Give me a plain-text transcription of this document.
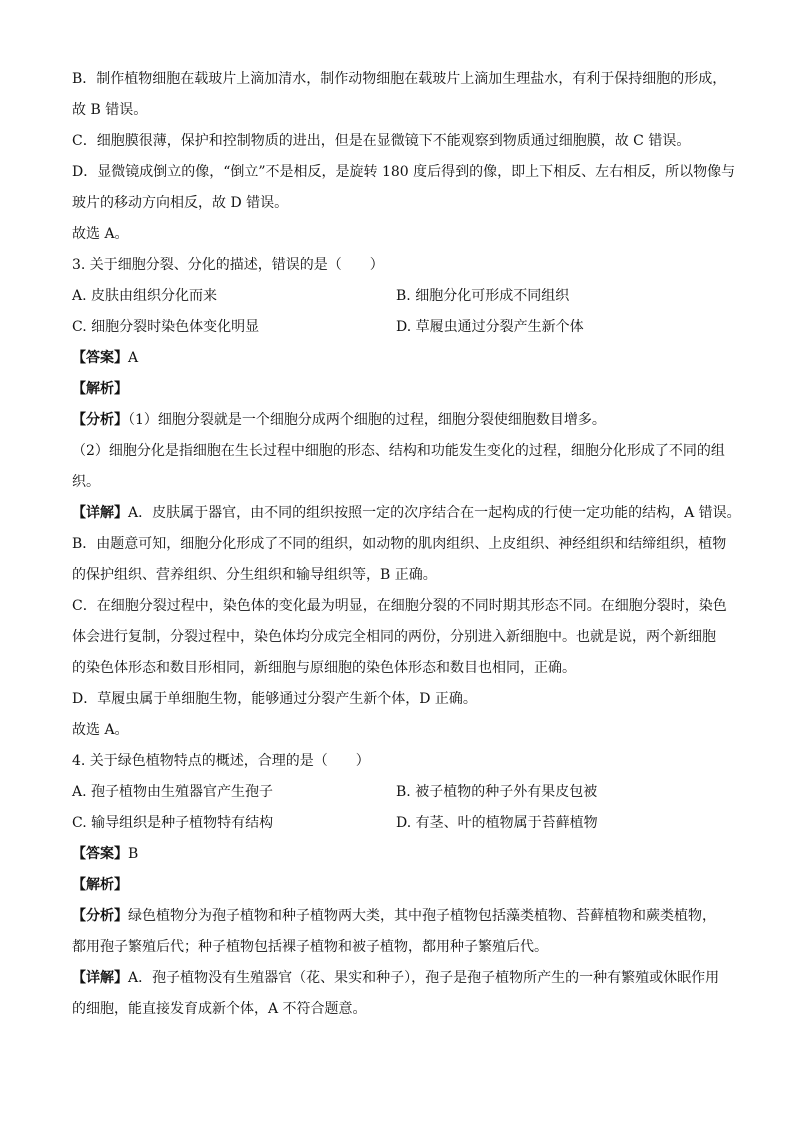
B．制作植物细胞在载玻片上滴加清水，制作动物细胞在载玻片上滴加生理盐水，有利于保持细胞的形成，
故 B 错误。
C．细胞膜很薄，保护和控制物质的进出，但是在显微镜下不能观察到物质通过细胞膜，故 C 错误。
D．显微镜成倒立的像，“倒立”不是相反，是旋转 180 度后得到的像，即上下相反、左右相反，所以物像与
玻片的移动方向相反，故 D 错误。
故选 A。
3. 关于细胞分裂、分化的描述，错误的是（　　）
A. 皮肤由组织分化而来	B. 细胞分化可形成不同组织
C. 细胞分裂时染色体变化明显	D. 草履虫通过分裂产生新个体
【答案】A
【解析】
【分析】（1）细胞分裂就是一个细胞分成两个细胞的过程，细胞分裂使细胞数目增多。
（2）细胞分化是指细胞在生长过程中细胞的形态、结构和功能发生变化的过程，细胞分化形成了不同的组
织。
【详解】A．皮肤属于器官，由不同的组织按照一定的次序结合在一起构成的行使一定功能的结构，A 错误。
B．由题意可知，细胞分化形成了不同的组织，如动物的肌肉组织、上皮组织、神经组织和结缔组织，植物
的保护组织、营养组织、分生组织和输导组织等，B 正确。
C．在细胞分裂过程中，染色体的变化最为明显，在细胞分裂的不同时期其形态不同。在细胞分裂时，染色
体会进行复制，分裂过程中，染色体均分成完全相同的两份，分别进入新细胞中。也就是说，两个新细胞
的染色体形态和数目形相同，新细胞与原细胞的染色体形态和数目也相同，正确。
D．草履虫属于单细胞生物，能够通过分裂产生新个体，D 正确。
故选 A。
4. 关于绿色植物特点的概述，合理的是（　　）
A. 孢子植物由生殖器官产生孢子	B. 被子植物的种子外有果皮包被
C. 输导组织是种子植物特有结构	D. 有茎、叶的植物属于苔藓植物
【答案】B
【解析】
【分析】绿色植物分为孢子植物和种子植物两大类，其中孢子植物包括藻类植物、苔藓植物和蕨类植物，
都用孢子繁殖后代；种子植物包括裸子植物和被子植物，都用种子繁殖后代。
【详解】A．孢子植物没有生殖器官（花、果实和种子），孢子是孢子植物所产生的一种有繁殖或休眠作用
的细胞，能直接发育成新个体，A 不符合题意。
